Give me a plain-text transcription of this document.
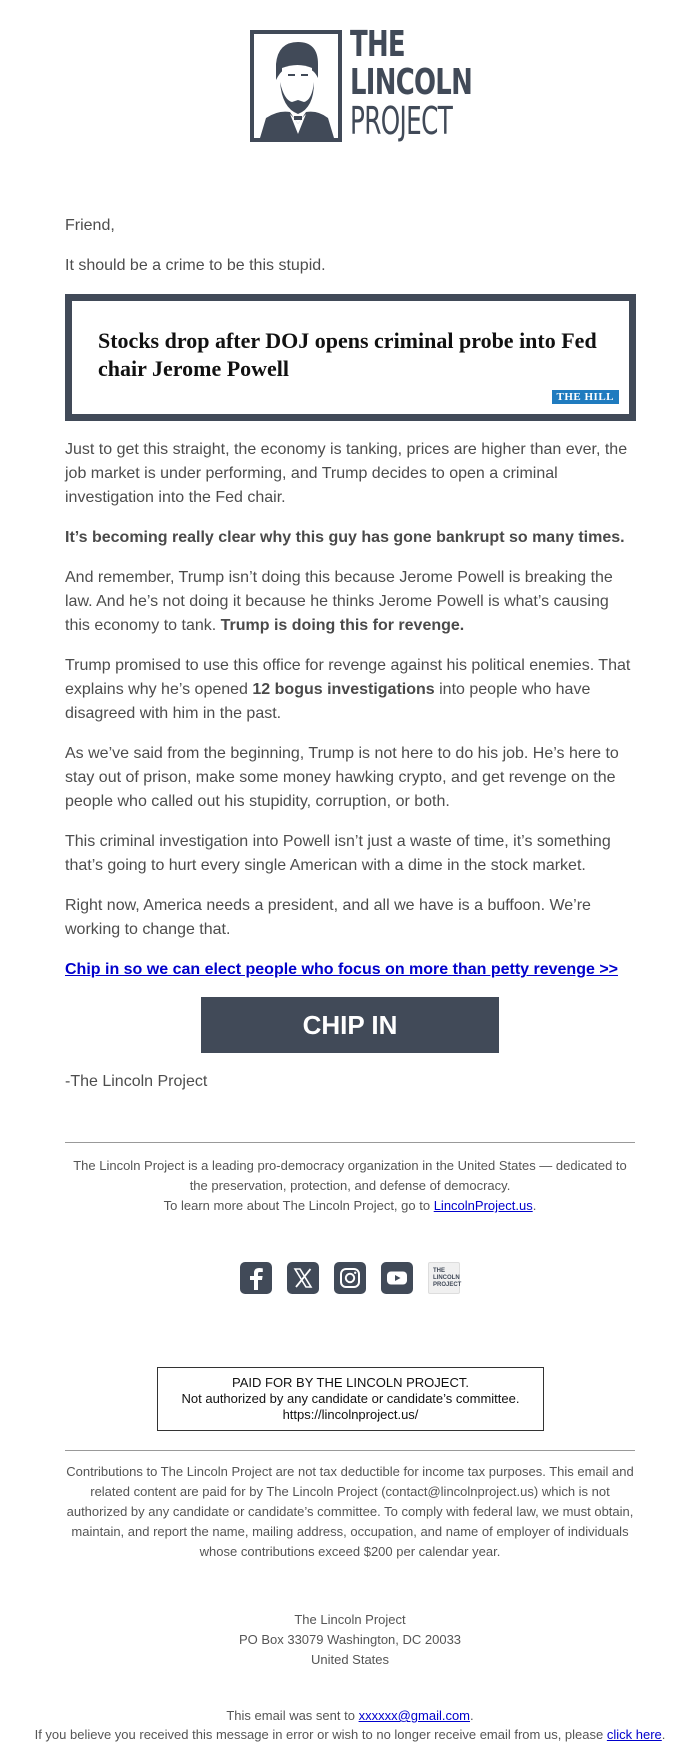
THE
LINCOLN
PROJECT
Friend,
It should be a crime to be this stupid.
Stocks drop after DOJ opens criminal probe into Fed chair Jerome Powell
THE HILL
Just to get this straight, the economy is tanking, prices are higher than ever, the job market is under performing, and Trump decides to open a criminal investigation into the Fed chair.
It’s becoming really clear why this guy has gone bankrupt so many times.
And remember, Trump isn’t doing this because Jerome Powell is breaking the law. And he’s not doing it because he thinks Jerome Powell is what’s causing this economy to tank. Trump is doing this for revenge.
Trump promised to use this office for revenge against his political enemies. That explains why he’s opened 12 bogus investigations into people who have disagreed with him in the past.
As we’ve said from the beginning, Trump is not here to do his job. He’s here to stay out of prison, make some money hawking crypto, and get revenge on the people who called out his stupidity, corruption, or both.
This criminal investigation into Powell isn’t just a waste of time, it’s something that’s going to hurt every single American with a dime in the stock market.
Right now, America needs a president, and all we have is a buffoon. We’re working to change that.
Chip in so we can elect people who focus on more than petty revenge >>
CHIP IN
-The Lincoln Project
The Lincoln Project is a leading pro-democracy organization in the United States — dedicated to the preservation, protection, and defense of democracy.
To learn more about The Lincoln Project, go to LincolnProject.us.
THE
LINCOLN
PROJECT
PAID FOR BY THE LINCOLN PROJECT.
Not authorized by any candidate or candidate’s committee.
https://lincolnproject.us/
Contributions to The Lincoln Project are not tax deductible for income tax purposes. This email and related content are paid for by The Lincoln Project (contact@lincolnproject.us) which is not authorized by any candidate or candidate’s committee. To comply with federal law, we must obtain, maintain, and report the name, mailing address, occupation, and name of employer of individuals whose contributions exceed $200 per calendar year.
The Lincoln Project
PO Box 33079 Washington, DC 20033
United States
This email was sent to xxxxxx@gmail.com.
If you believe you received this message in error or wish to no longer receive email from us, please click here.
